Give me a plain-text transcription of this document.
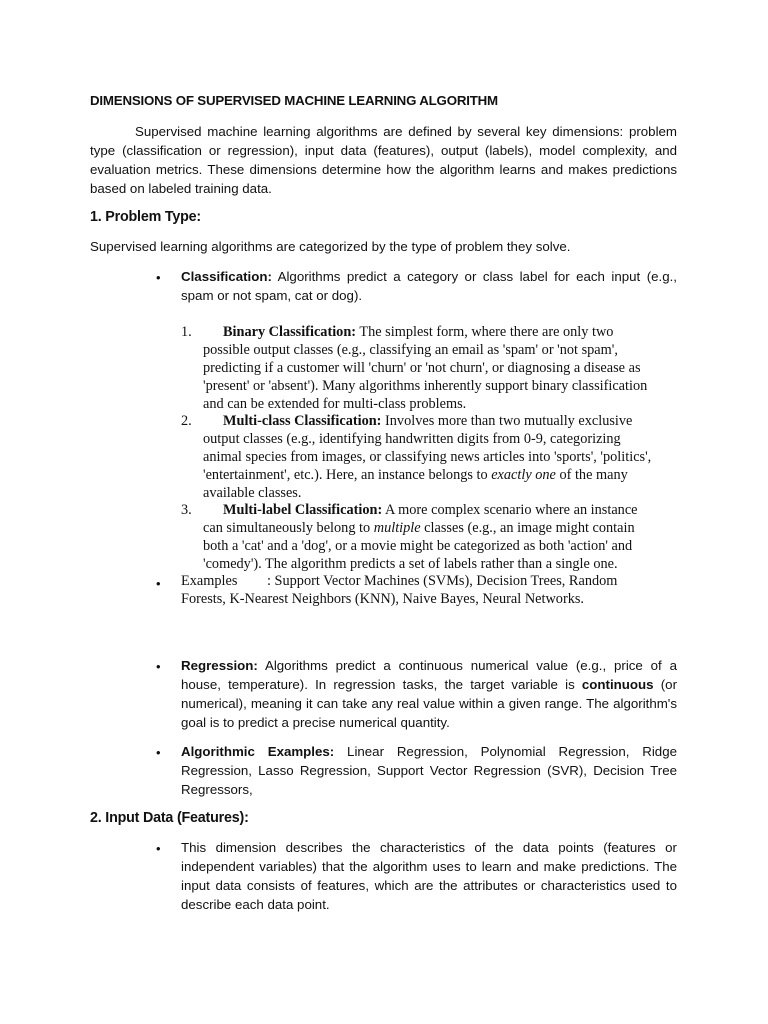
DIMENSIONS OF SUPERVISED MACHINE LEARNING ALGORITHM

Supervised machine learning algorithms are defined by several key dimensions: problem type (classification or regression), input data (features), output (labels), model complexity, and evaluation metrics. These dimensions determine how the algorithm learns and makes predictions based on labeled training data.

1. Problem Type:

Supervised learning algorithms are categorized by the type of problem they solve.

• Classification: Algorithms predict a category or class label for each input (e.g., spam or not spam, cat or dog).

1. Binary Classification: The simplest form, where there are only two
possible output classes (e.g., classifying an email as 'spam' or 'not spam',
predicting if a customer will 'churn' or 'not churn', or diagnosing a disease as
'present' or 'absent'). Many algorithms inherently support binary classification
and can be extended for multi-class problems.
2. Multi-class Classification: Involves more than two mutually exclusive
output classes (e.g., identifying handwritten digits from 0-9, categorizing
animal species from images, or classifying news articles into 'sports', 'politics',
'entertainment', etc.). Here, an instance belongs to exactly one of the many
available classes.
3. Multi-label Classification: A more complex scenario where an instance
can simultaneously belong to multiple classes (e.g., an image might contain
both a 'cat' and a 'dog', or a movie might be categorized as both 'action' and
'comedy'). The algorithm predicts a set of labels rather than a single one.
• Examples : Support Vector Machines (SVMs), Decision Trees, Random
Forests, K-Nearest Neighbors (KNN), Naive Bayes, Neural Networks.
• Regression: Algorithms predict a continuous numerical value (e.g., price of a house, temperature). In regression tasks, the target variable is continuous (or numerical), meaning it can take any real value within a given range. The algorithm's goal is to predict a precise numerical quantity.

• Algorithmic Examples: Linear Regression, Polynomial Regression, Ridge Regression, Lasso Regression, Support Vector Regression (SVR), Decision Tree Regressors,

2. Input Data (Features):
• This dimension describes the characteristics of the data points (features or independent variables) that the algorithm uses to learn and make predictions. The input data consists of features, which are the attributes or characteristics used to describe each data point.
